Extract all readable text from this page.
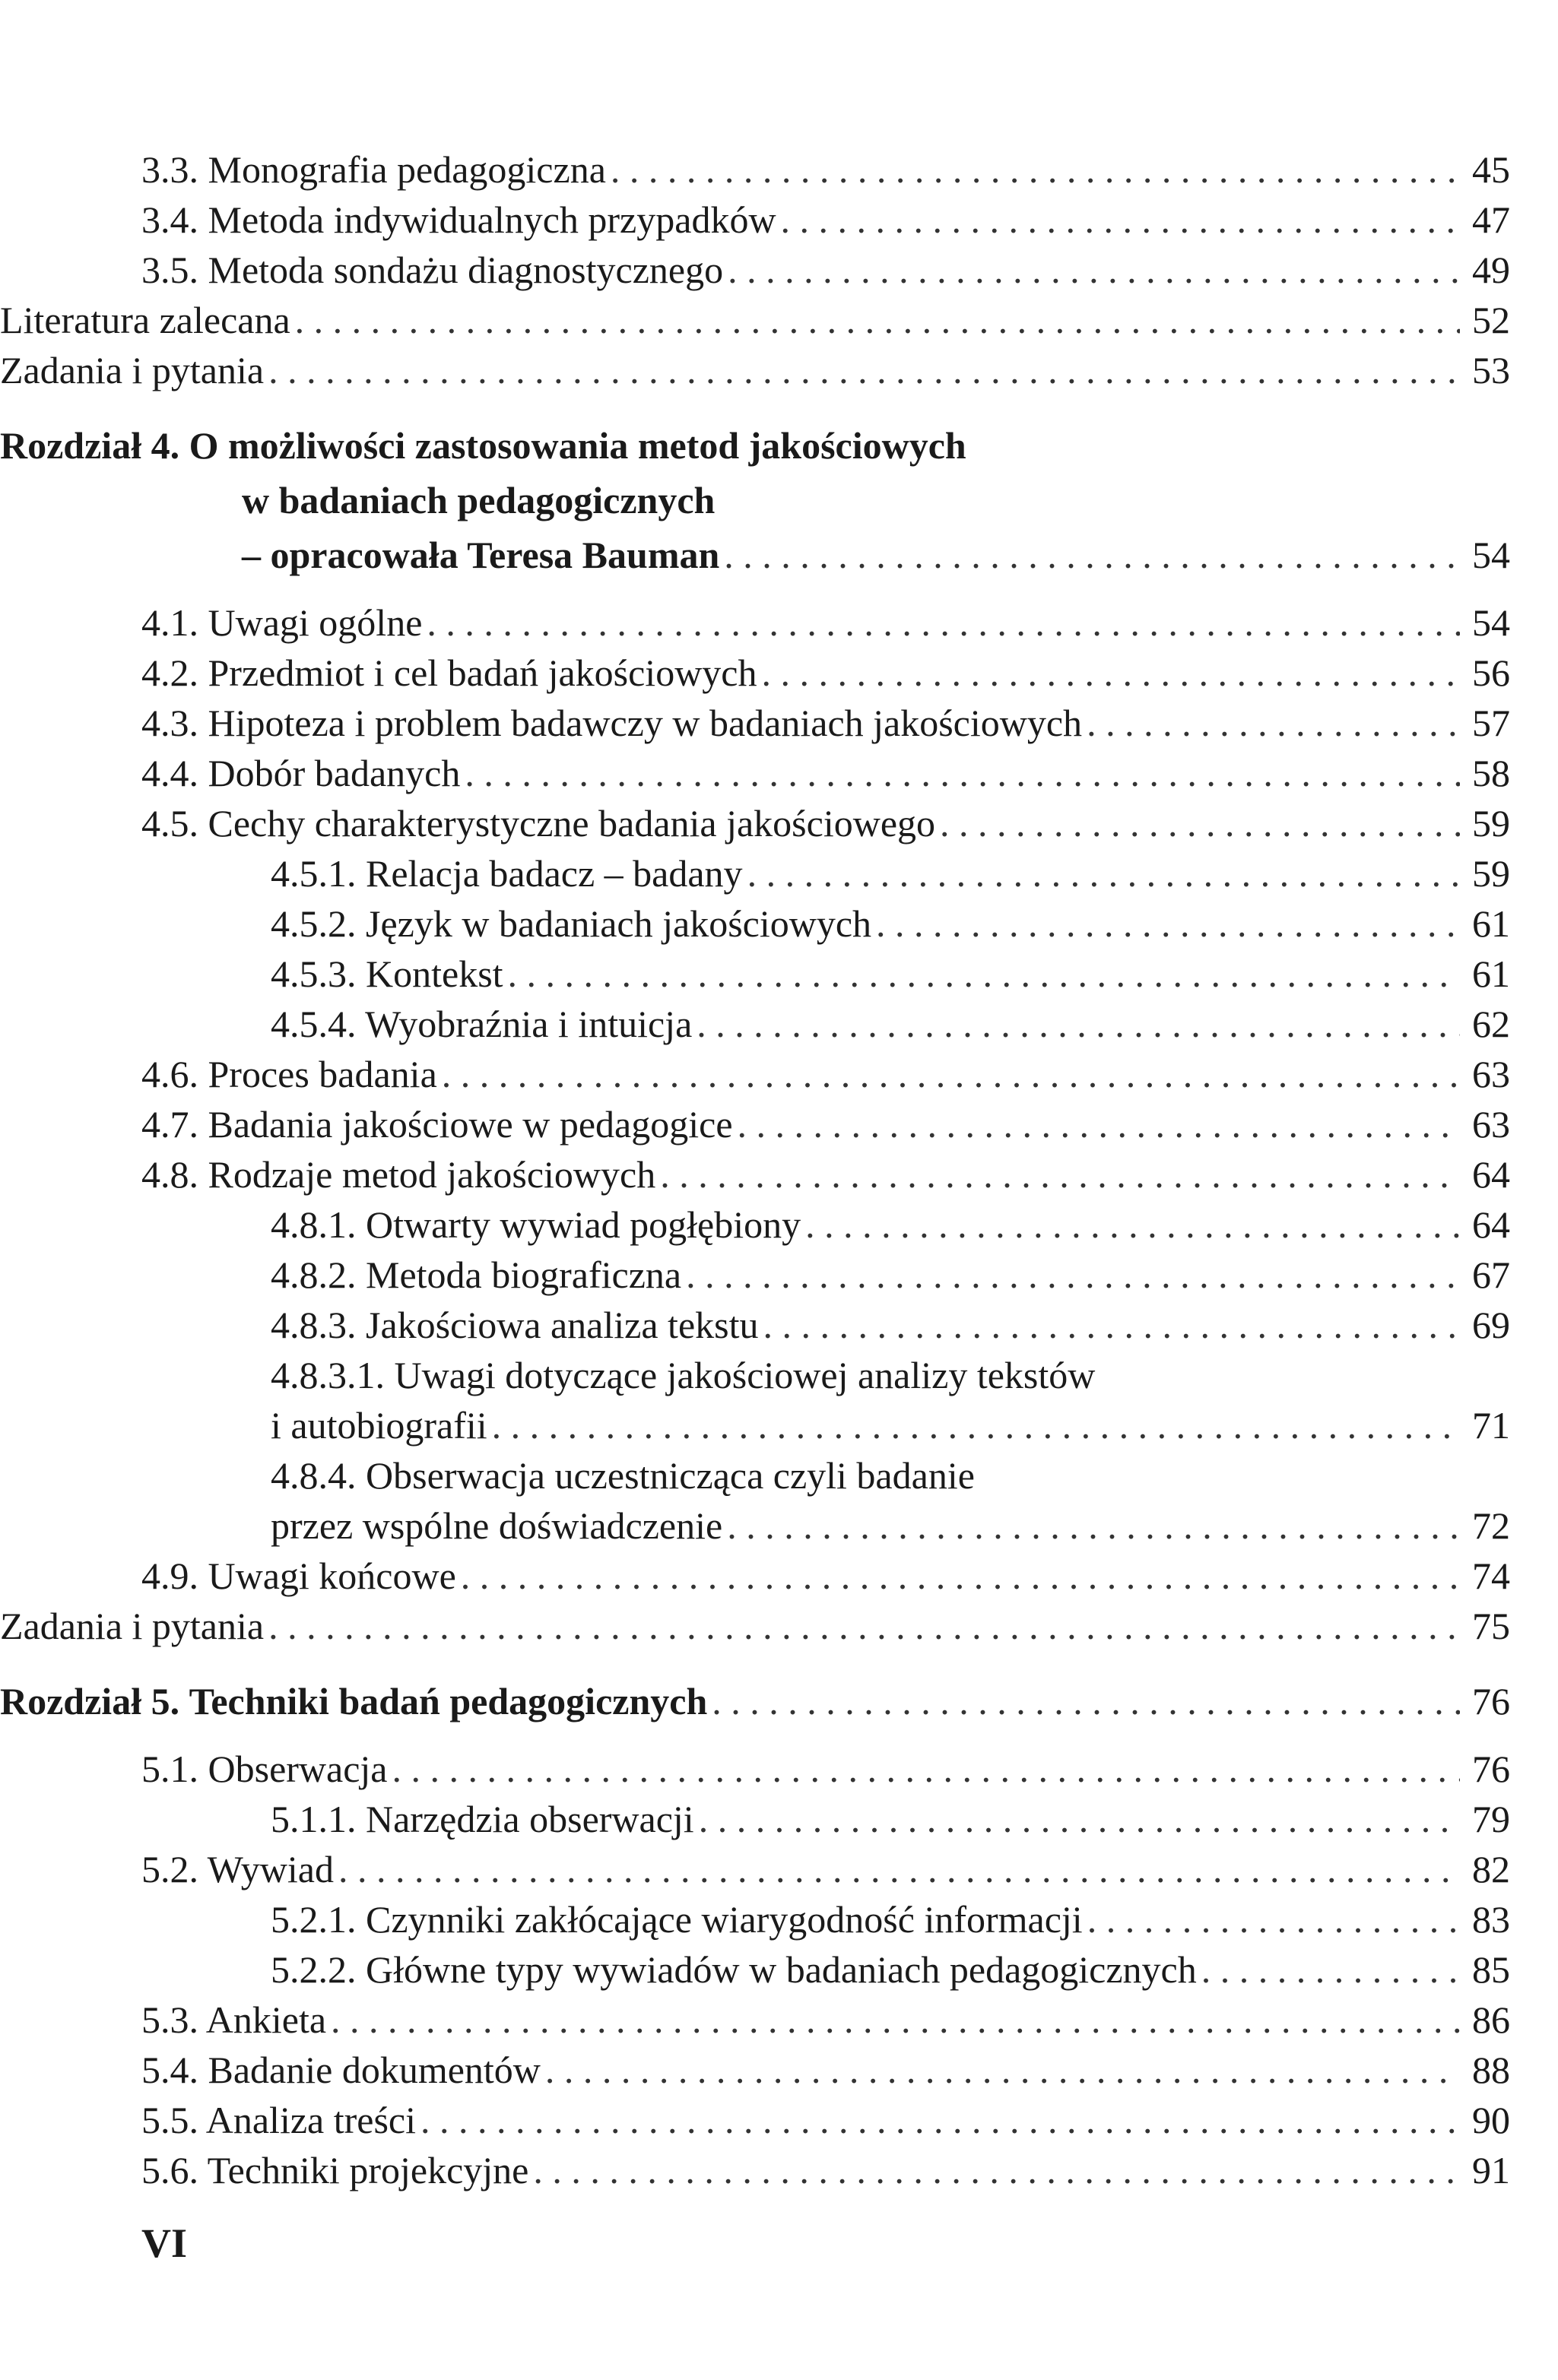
3.3. Monografia pedagogiczna . . .	45
3.4. Metoda indywidualnych przypadków . . .	47
3.5. Metoda sondażu diagnostycznego . . .	49
Literatura zalecana . . .	52
Zadania i pytania . . .	53
Rozdział 4. O możliwości zastosowania metod jakościowych
w badaniach pedagogicznych
– opracowała Teresa Bauman . . .	54
4.1. Uwagi ogólne . . .	54
4.2. Przedmiot i cel badań jakościowych . . .	56
4.3. Hipoteza i problem badawczy w badaniach jakościowych . . .	57
4.4. Dobór badanych . . .	58
4.5. Cechy charakterystyczne badania jakościowego . . .	59
4.5.1. Relacja badacz – badany . . .	59
4.5.2. Język w badaniach jakościowych . . .	61
4.5.3. Kontekst . . .	61
4.5.4. Wyobraźnia i intuicja . . .	62
4.6. Proces badania . . .	63
4.7. Badania jakościowe w pedagogice . . .	63
4.8. Rodzaje metod jakościowych . . .	64
4.8.1. Otwarty wywiad pogłębiony . . .	64
4.8.2. Metoda biograficzna . . .	67
4.8.3. Jakościowa analiza tekstu . . .	69
4.8.3.1. Uwagi dotyczące jakościowej analizy tekstów
i autobiografii . . .	71
4.8.4. Obserwacja uczestnicząca czyli badanie
przez wspólne doświadczenie . . .	72
4.9. Uwagi końcowe . . .	74
Zadania i pytania . . .	75
Rozdział 5.
Techniki badań pedagogicznych . . .	76
5.1. Obserwacja . . .	76
5.1.1. Narzędzia obserwacji . . .	79
5.2. Wywiad . . .	82
5.2.1. Czynniki zakłócające wiarygodność informacji . . .	83
5.2.2. Główne typy wywiadów w badaniach pedagogicznych . . .	85
5.3. Ankieta . . .	86
5.4. Badanie dokumentów . . .	88
5.5. Analiza treści . . .	90
5.6. Techniki projekcyjne . . .	91
VI
